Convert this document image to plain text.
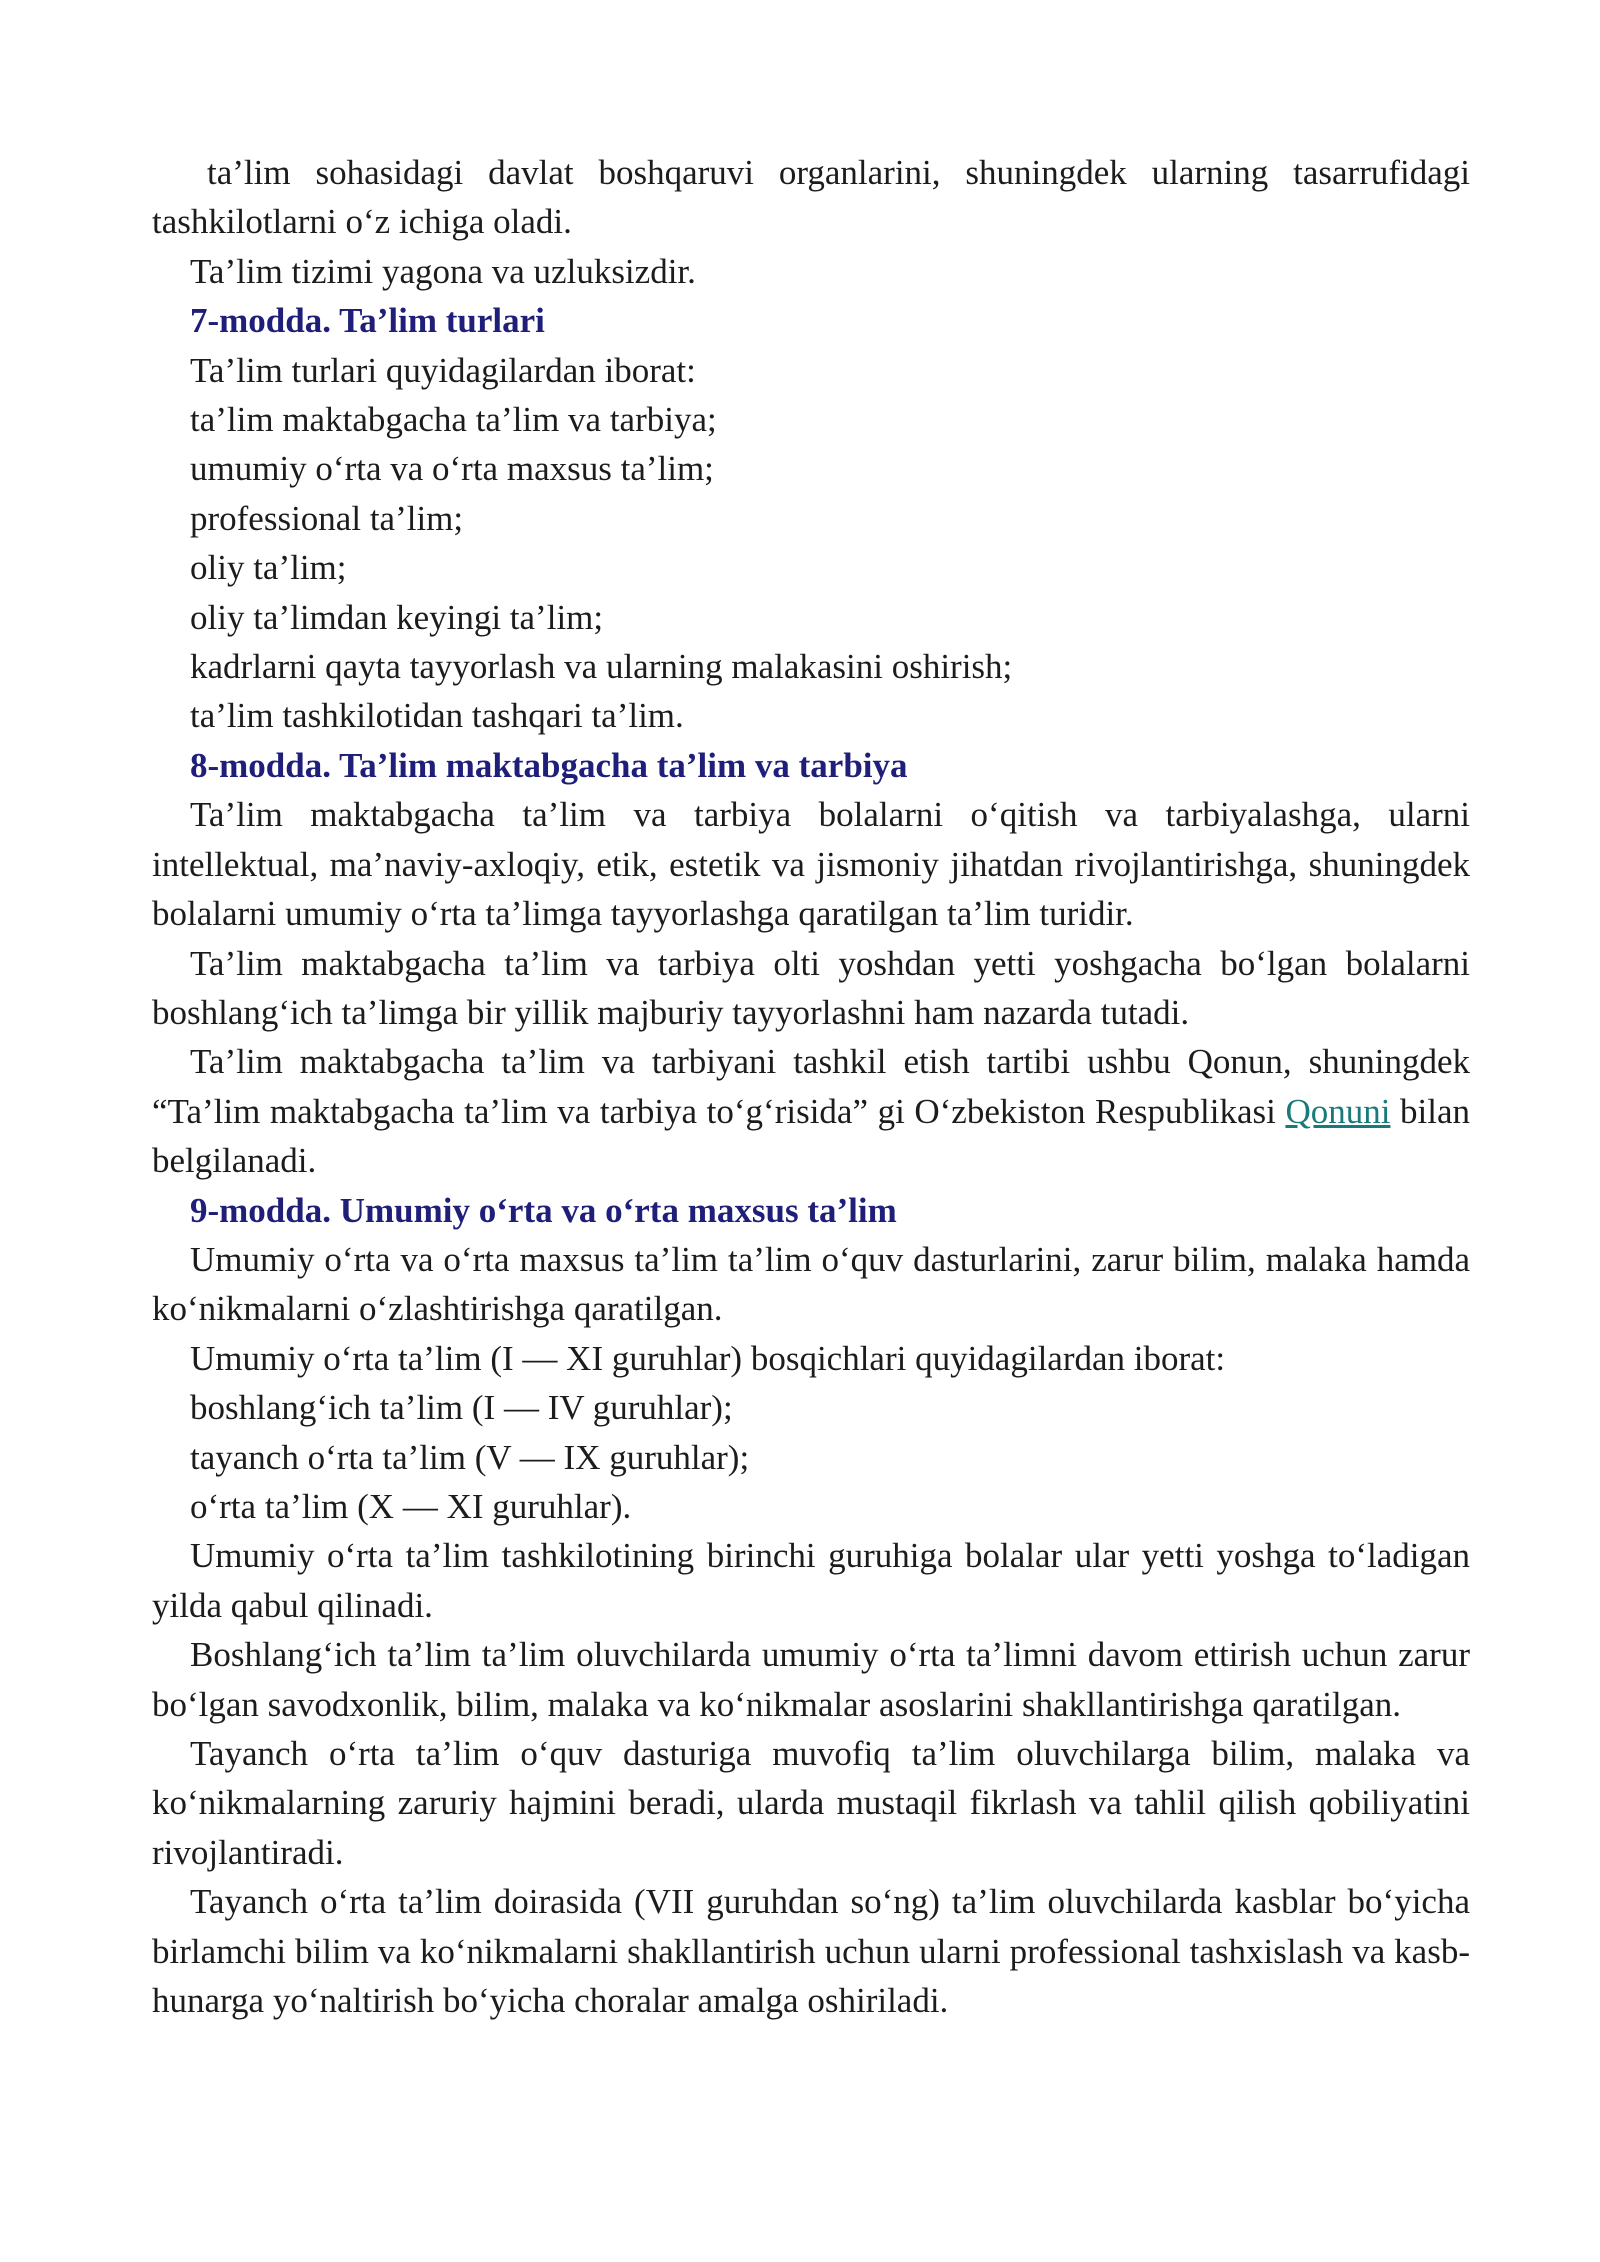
ta’lim sohasidagi davlat boshqaruvi organlarini, shuningdek ularning tasarrufidagi tashkilotlarni o‘z ichiga oladi.

Ta’lim tizimi yagona va uzluksizdir.

7-modda. Ta’lim turlari

Ta’lim turlari quyidagilardan iborat:

ta’lim maktabgacha ta’lim va tarbiya;

umumiy o‘rta va o‘rta maxsus ta’lim;

professional ta’lim;

oliy ta’lim;

oliy ta’limdan keyingi ta’lim;

kadrlarni qayta tayyorlash va ularning malakasini oshirish;

ta’lim tashkilotidan tashqari ta’lim.

8-modda. Ta’lim maktabgacha ta’lim va tarbiya

Ta’lim maktabgacha ta’lim va tarbiya bolalarni o‘qitish va tarbiyalashga, ularni intellektual, ma’naviy-axloqiy, etik, estetik va jismoniy jihatdan rivojlantirishga, shuningdek bolalarni umumiy o‘rta ta’limga tayyorlashga qaratilgan ta’lim turidir.

Ta’lim maktabgacha ta’lim va tarbiya olti yoshdan yetti yoshgacha bo‘lgan bolalarni boshlang‘ich ta’limga bir yillik majburiy tayyorlashni ham nazarda tutadi.

Ta’lim maktabgacha ta’lim va tarbiyani tashkil etish tartibi ushbu Qonun, shuningdek “Ta’lim maktabgacha ta’lim va tarbiya to‘g‘risida” gi O‘zbekiston Respublikasi Qonuni bilan belgilanadi.

9-modda. Umumiy o‘rta va o‘rta maxsus ta’lim

Umumiy o‘rta va o‘rta maxsus ta’lim ta’lim o‘quv dasturlarini, zarur bilim, malaka hamda ko‘nikmalarni o‘zlashtirishga qaratilgan.

Umumiy o‘rta ta’lim (I — XI guruhlar) bosqichlari quyidagilardan iborat:

boshlang‘ich ta’lim (I — IV guruhlar);

tayanch o‘rta ta’lim (V — IX guruhlar);

o‘rta ta’lim (X — XI guruhlar).

Umumiy o‘rta ta’lim tashkilotining birinchi guruhiga bolalar ular yetti yoshga to‘ladigan yilda qabul qilinadi.

Boshlang‘ich ta’lim ta’lim oluvchilarda umumiy o‘rta ta’limni davom ettirish uchun zarur bo‘lgan savodxonlik, bilim, malaka va ko‘nikmalar asoslarini shakllantirishga qaratilgan.

Tayanch o‘rta ta’lim o‘quv dasturiga muvofiq ta’lim oluvchilarga bilim, malaka va ko‘nikmalarning zaruriy hajmini beradi, ularda mustaqil fikrlash va tahlil qilish qobiliyatini rivojlantiradi.

Tayanch o‘rta ta’lim doirasida (VII guruhdan so‘ng) ta’lim oluvchilarda kasblar bo‘yicha birlamchi bilim va ko‘nikmalarni shakllantirish uchun ularni professional tashxislash va kasb-hunarga yo‘naltirish bo‘yicha choralar amalga oshiriladi.
